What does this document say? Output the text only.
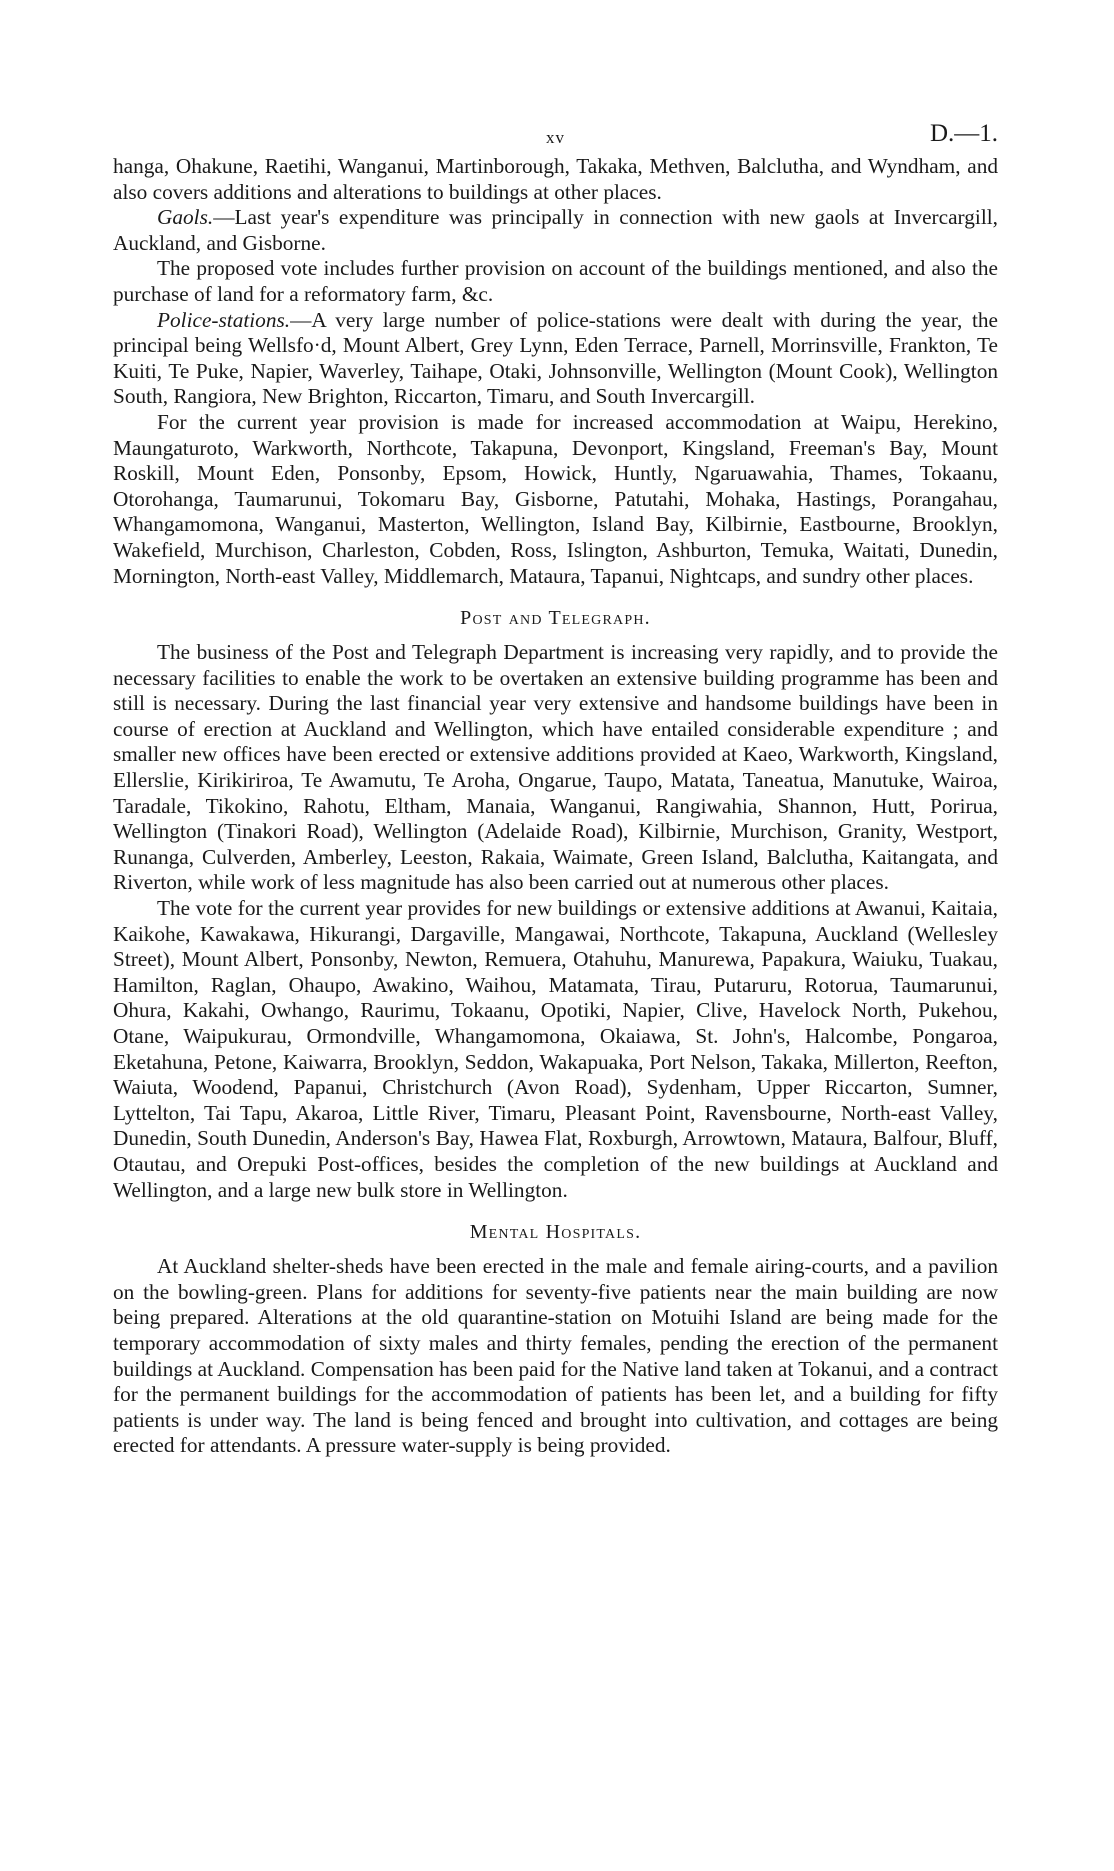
xv	D.—1.

hanga, Ohakune, Raetihi, Wanganui, Martinborough, Takaka, Methven, Balclutha, and Wyndham, and also covers additions and alterations to buildings at other places.

Gaols.—Last year's expenditure was principally in connection with new gaols at Invercargill, Auckland, and Gisborne.

The proposed vote includes further provision on account of the buildings mentioned, and also the purchase of land for a reformatory farm, &c.

Police-stations.—A very large number of police-stations were dealt with during the year, the principal being Wellsfo·d, Mount Albert, Grey Lynn, Eden Terrace, Parnell, Morrinsville, Frankton, Te Kuiti, Te Puke, Napier, Waverley, Taihape, Otaki, Johnsonville, Wellington (Mount Cook), Wellington South, Rangiora, New Brighton, Riccarton, Timaru, and South Invercargill.

For the current year provision is made for increased accommodation at Waipu, Herekino, Maungaturoto, Warkworth, Northcote, Takapuna, Devonport, Kingsland, Freeman's Bay, Mount Roskill, Mount Eden, Ponsonby, Epsom, Howick, Huntly, Ngaruawahia, Thames, Tokaanu, Otorohanga, Taumarunui, Tokomaru Bay, Gisborne, Patutahi, Mohaka, Hastings, Porangahau, Whangamomona, Wanganui, Masterton, Wellington, Island Bay, Kilbirnie, Eastbourne, Brooklyn, Wakefield, Murchison, Charleston, Cobden, Ross, Islington, Ashburton, Temuka, Waitati, Dunedin, Mornington, North-east Valley, Middlemarch, Mataura, Tapanui, Nightcaps, and sundry other places.

Post and Telegraph.

The business of the Post and Telegraph Department is increasing very rapidly, and to provide the necessary facilities to enable the work to be overtaken an extensive building programme has been and still is necessary. During the last financial year very extensive and handsome buildings have been in course of erection at Auckland and Wellington, which have entailed considerable expenditure ; and smaller new offices have been erected or extensive additions provided at Kaeo, Warkworth, Kingsland, Ellerslie, Kirikiriroa, Te Awamutu, Te Aroha, Ongarue, Taupo, Matata, Taneatua, Manutuke, Wairoa, Taradale, Tikokino, Rahotu, Eltham, Manaia, Wanganui, Rangiwahia, Shannon, Hutt, Porirua, Wellington (Tinakori Road), Wellington (Adelaide Road), Kilbirnie, Murchison, Granity, Westport, Runanga, Culverden, Amberley, Leeston, Rakaia, Waimate, Green Island, Balclutha, Kaitangata, and Riverton, while work of less magnitude has also been carried out at numerous other places.

The vote for the current year provides for new buildings or extensive additions at Awanui, Kaitaia, Kaikohe, Kawakawa, Hikurangi, Dargaville, Mangawai, Northcote, Takapuna, Auckland (Wellesley Street), Mount Albert, Ponsonby, Newton, Remuera, Otahuhu, Manurewa, Papakura, Waiuku, Tuakau, Hamilton, Raglan, Ohaupo, Awakino, Waihou, Matamata, Tirau, Putaruru, Rotorua, Taumarunui, Ohura, Kakahi, Owhango, Raurimu, Tokaanu, Opotiki, Napier, Clive, Havelock North, Pukehou, Otane, Waipukurau, Ormondville, Whangamomona, Okaiawa, St. John's, Halcombe, Pongaroa, Eketahuna, Petone, Kaiwarra, Brooklyn, Seddon, Wakapuaka, Port Nelson, Takaka, Millerton, Reefton, Waiuta, Woodend, Papanui, Christchurch (Avon Road), Sydenham, Upper Riccarton, Sumner, Lyttelton, Tai Tapu, Akaroa, Little River, Timaru, Pleasant Point, Ravensbourne, North-east Valley, Dunedin, South Dunedin, Anderson's Bay, Hawea Flat, Roxburgh, Arrowtown, Mataura, Balfour, Bluff, Otautau, and Orepuki Post-offices, besides the completion of the new buildings at Auckland and Wellington, and a large new bulk store in Wellington.

Mental Hospitals.

At Auckland shelter-sheds have been erected in the male and female airing-courts, and a pavilion on the bowling-green. Plans for additions for seventy-five patients near the main building are now being prepared. Alterations at the old quarantine-station on Motuihi Island are being made for the temporary accommodation of sixty males and thirty females, pending the erection of the permanent buildings at Auckland. Compensation has been paid for the Native land taken at Tokanui, and a contract for the permanent buildings for the accommodation of patients has been let, and a building for fifty patients is under way. The land is being fenced and brought into cultivation, and cottages are being erected for attendants. A pressure water-supply is being provided.
